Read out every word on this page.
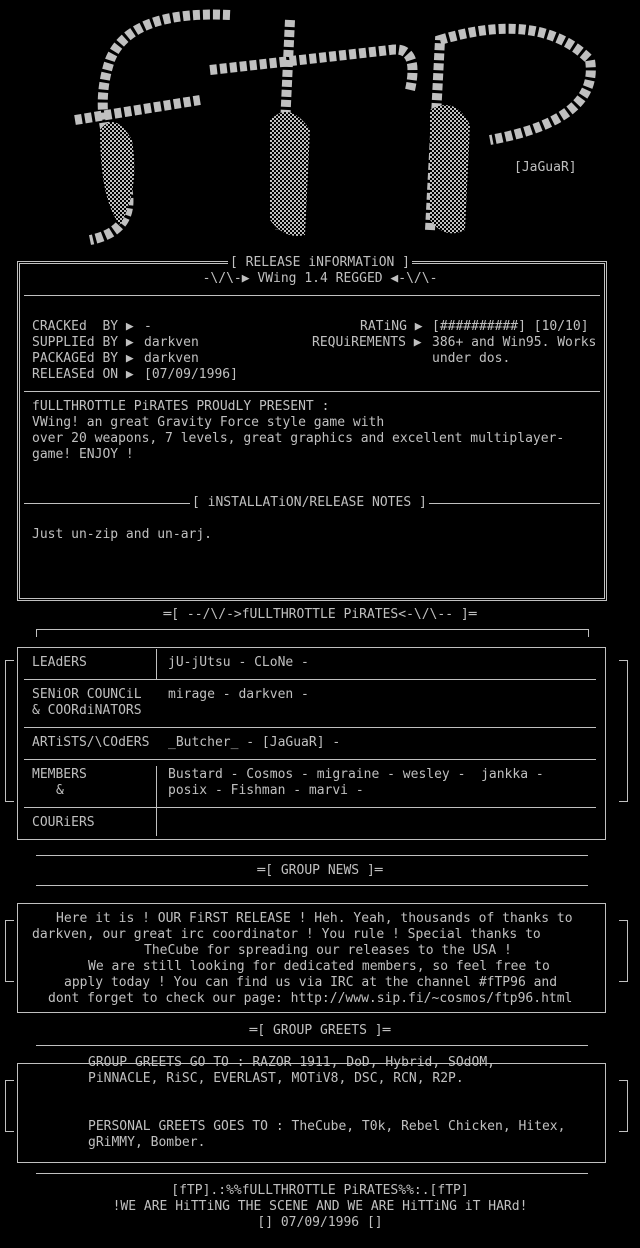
[JaGuaR]
[ RELEASE iNFORMATiON ]
-\/\-▶ VWing 1.4 REGGED ◀-\/\-
CRACKEd  BY ▶ -
SUPPLIEd BY ▶ darkven
PACKAGEd BY ▶ darkven
RELEASEd ON ▶ [07/09/1996]
RATiNG ▶ [##########] [10/10]
REQUiREMENTS ▶ 386+ and Win95. Works
under dos.
fULLTHROTTLE PiRATES PROUdLY PRESENT :
VWing! an great Gravity Force style game with
over 20 weapons, 7 levels, great graphics and excellent multiplayer-
game! ENJOY !
[ iNSTALLATiON/RELEASE NOTES ]
Just un-zip and un-arj.
═[ --/\/->fULLTHROTTLE PiRATES<-\/\-- ]═
LEAdERS	jU-jUtsu - CLoNe -
SENiOR COUNCiL
& COORdiNATORS
mirage - darkven -
ARTiSTS/\COdERS _Butcher_ - [JaGuaR] -
MEMBERS
&
Bustard - Cosmos - migraine - wesley -  jankka -
posix - Fishman - marvi -
COURiERS
═[ GROUP NEWS ]═
Here it is ! OUR FiRST RELEASE ! Heh. Yeah, thousands of thanks to
darkven, our great irc coordinator ! You rule ! Special thanks to
TheCube for spreading our releases to the USA !
We are still looking for dedicated members, so feel free to
apply today ! You can find us via IRC at the channel #fTP96 and
dont forget to check our page: http://www.sip.fi/~cosmos/ftp96.html
═[ GROUP GREETS ]═
GROUP GREETS GO TO : RAZOR 1911, DoD, Hybrid, SOdOM,
PiNNACLE, RiSC, EVERLAST, MOTiV8, DSC, RCN, R2P.
PERSONAL GREETS GOES TO : TheCube, T0k, Rebel Chicken, Hitex,
gRiMMY, Bomber.
[fTP].:%%fULLTHROTTLE PiRATES%%:.[fTP]
!WE ARE HiTTiNG THE SCENE AND WE ARE HiTTiNG iT HARd!
[] 07/09/1996 []
